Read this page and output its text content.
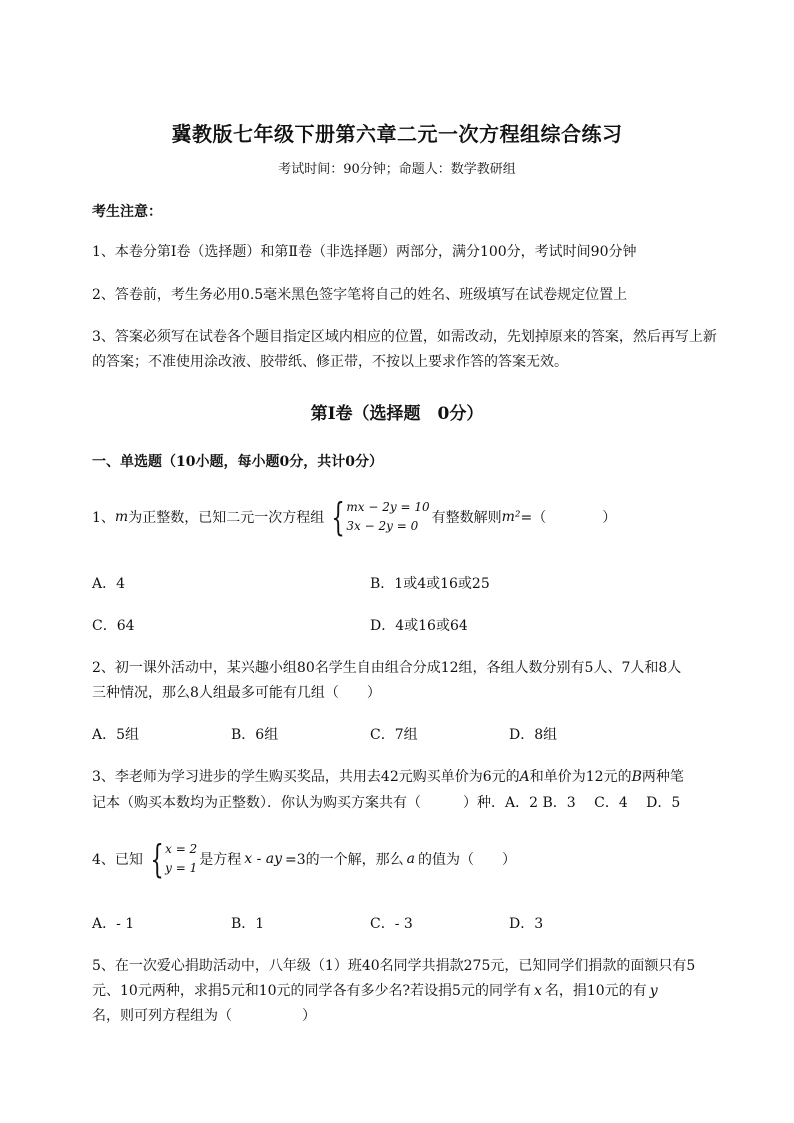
冀教版七年级下册第六章二元一次方程组综合练习
考试时间：90分钟；命题人：数学教研组
考生注意：
1、本卷分第I卷（选择题）和第Ⅱ卷（非选择题）两部分，满分100分，考试时间90分钟
2、答卷前，考生务必用0.5毫米黑色签字笔将自己的姓名、班级填写在试卷规定位置上
3、答案必须写在试卷各个题目指定区域内相应的位置，如需改动，先划掉原来的答案，然后再写上新
的答案；不准使用涂改液、胶带纸、修正带，不按以上要求作答的答案无效。
第I卷（选择题　0分）
一、单选题（10小题，每小题0分，共计0分）
1、 m 为正整数，已知二元一次方程组 { mx − 2y = 10
3x − 2y = 0 有整数解则 m² =（　　　　）
A．4	B．1或4或16或25
C．64	D．4或16或64
2、初一课外活动中，某兴趣小组80名学生自由组合分成12组，各组人数分别有5人、7人和8人
三种情况，那么8人组最多可能有几组（　　）
A．5组	B．6组	C．7组	D．8组
3、李老师为学习进步的学生购买奖品，共用去42元购买单价为6元的A和单价为12元的B两种笔
记本（购买本数均为正整数）．你认为购买方案共有（　　　）种．A．2 B．3　 C．4　 D．5
4、已知 { x = 2
y = 1 是方程 x - ay =3的一个解，那么 a 的值为（　　）
A．- 1	B．1	C．- 3	D．3
5、在一次爱心捐助活动中，八年级（1）班40名同学共捐款275元，已知同学们捐款的面额只有5
元、10元两种，求捐5元和10元的同学各有多少名?若设捐5元的同学有 x 名，捐10元的有 y
名，则可列方程组为（　　　　　）
